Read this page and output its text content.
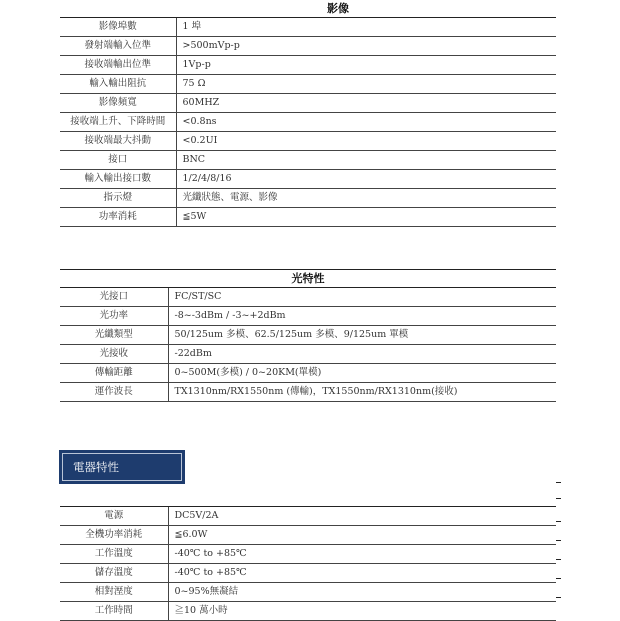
影像
影像埠數	1 埠
發射端輸入位準	>500mVp-p
接收端輸出位準	1Vp-p
輸入輸出阻抗	75 Ω
影像頻寬	60MHZ
接收端上升、下降時間	<0.8ns
接收端最大抖動	<0.2UI
接口	BNC
輸入輸出接口數	1/2/4/8/16
指示燈	光纖狀態、電源、影像
功率消耗	≦5W
光特性
光接口	FC/ST/SC
光功率	-8~-3dBm / -3~+2dBm
光纖類型	50/125um 多模、62.5/125um 多模、9/125um 單模
光接收	-22dBm
傳輸距離	0~500M(多模) / 0~20KM(單模)
運作波長	TX1310nm/RX1550nm (傳輸)，TX1550nm/RX1310nm(接收)
電器特性
電源	DC5V/2A
全機功率消耗	≦6.0W
工作溫度	-40℃ to +85℃
儲存溫度	-40℃ to +85℃
相對溼度	0~95%無凝結
工作時間	≧10 萬小時
